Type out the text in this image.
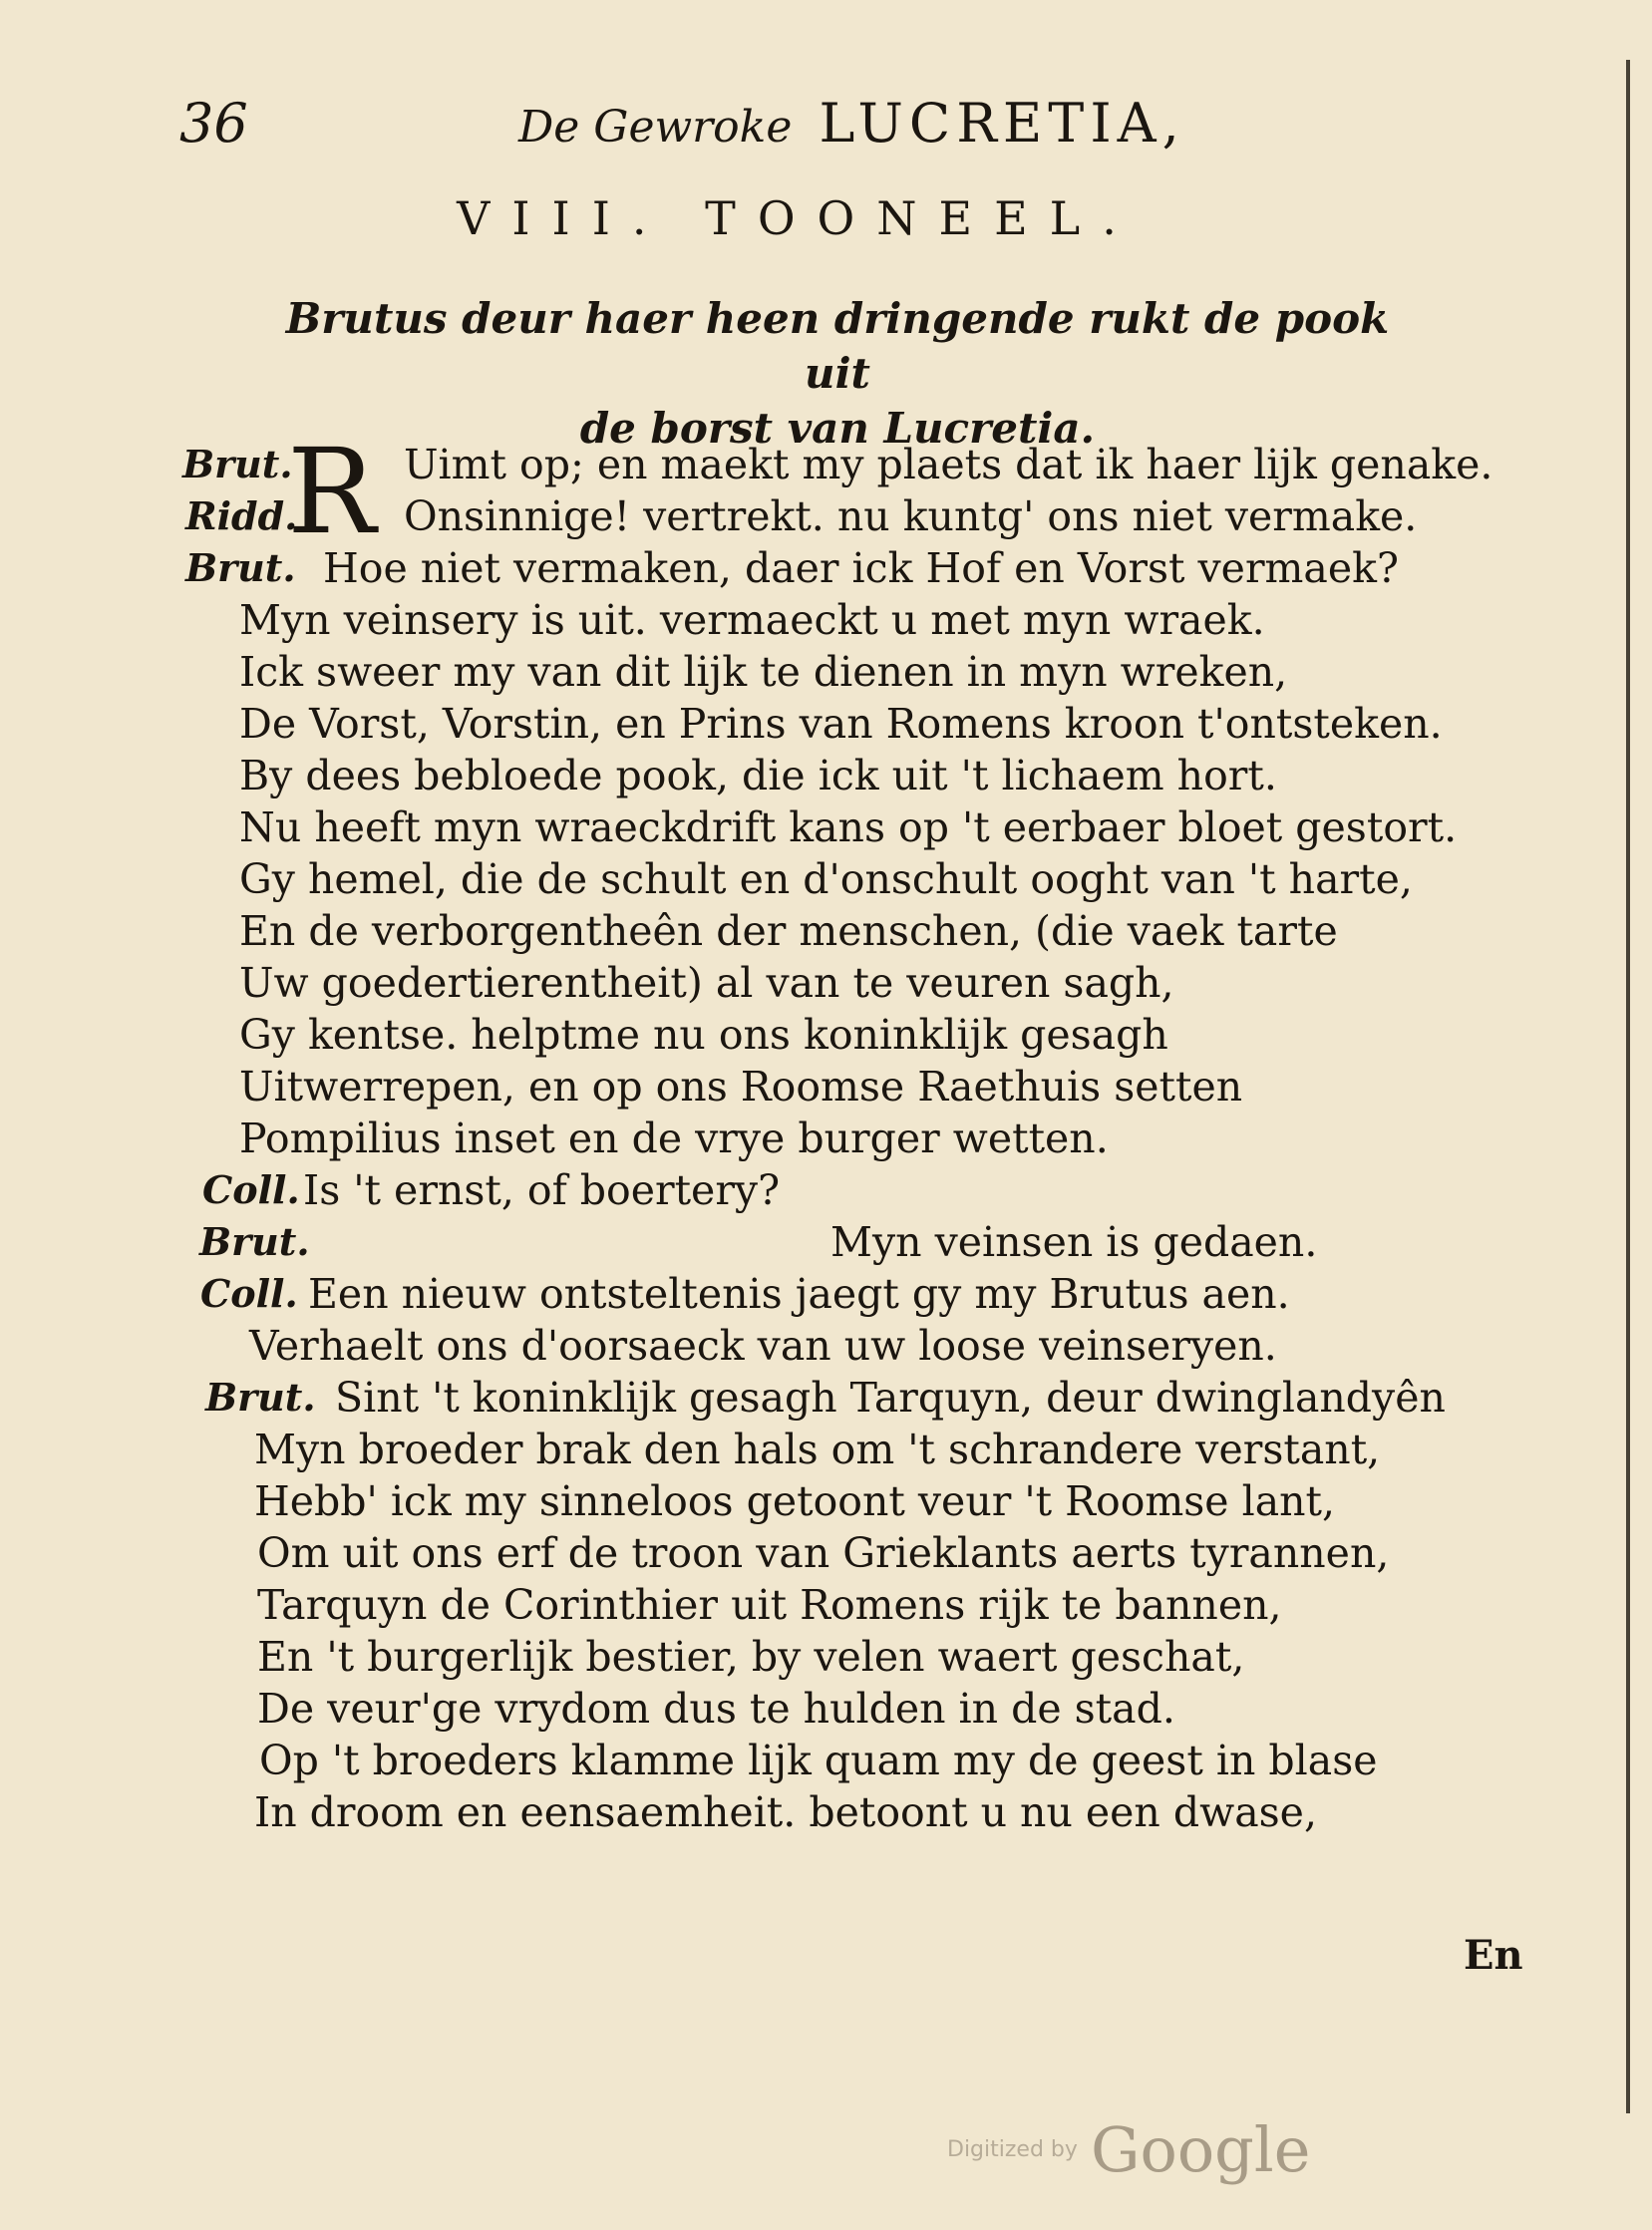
36	De Gewroke LUCRETIA,
VIII. TOONEEL.
Brutus deur haer heen dringende rukt de pook uit
de borst van Lucretia.
R
Brut.	Uimt op; en maekt my plaets dat ik haer lijk genake.
Ridd.	Onsinnige! vertrekt. nu kuntg' ons niet vermake.
Brut. Hoe niet vermaken, daer ick Hof en Vorst vermaek?
Myn veinsery is uit. vermaeckt u met myn wraek.
Ick sweer my van dit lijk te dienen in myn wreken,
De Vorst, Vorstin, en Prins van Romens kroon t'ontsteken.
By dees bebloede pook, die ick uit 't lichaem hort.
Nu heeft myn wraeckdrift kans op 't eerbaer bloet gestort.
Gy hemel, die de schult en d'onschult ooght van 't harte,
En de verborgentheên der menschen, (die vaek tarte
Uw goedertierentheit) al van te veuren sagh,
Gy kentse. helptme nu ons koninklijk gesagh
Uitwerrepen, en op ons Roomse Raethuis setten
Pompilius inset en de vrye burger wetten.
Coll. Is 't ernst, of boertery?
Brut.	Myn veinsen is gedaen.
Coll. Een nieuw ontsteltenis jaegt gy my Brutus aen.
Verhaelt ons d'oorsaeck van uw loose veinseryen.
Brut. Sint 't koninklijk gesagh Tarquyn, deur dwinglandyên
Myn broeder brak den hals om 't schrandere verstant,
Hebb' ick my sinneloos getoont veur 't Roomse lant,
Om uit ons erf de troon van Grieklants aerts tyrannen,
Tarquyn de Corinthier uit Romens rijk te bannen,
En 't burgerlijk bestier, by velen waert geschat,
De veur'ge vrydom dus te hulden in de stad.
Op 't broeders klamme lijk quam my de geest in blase
In droom en eensaemheit. betoont u nu een dwase,
En
Digitized by Google
